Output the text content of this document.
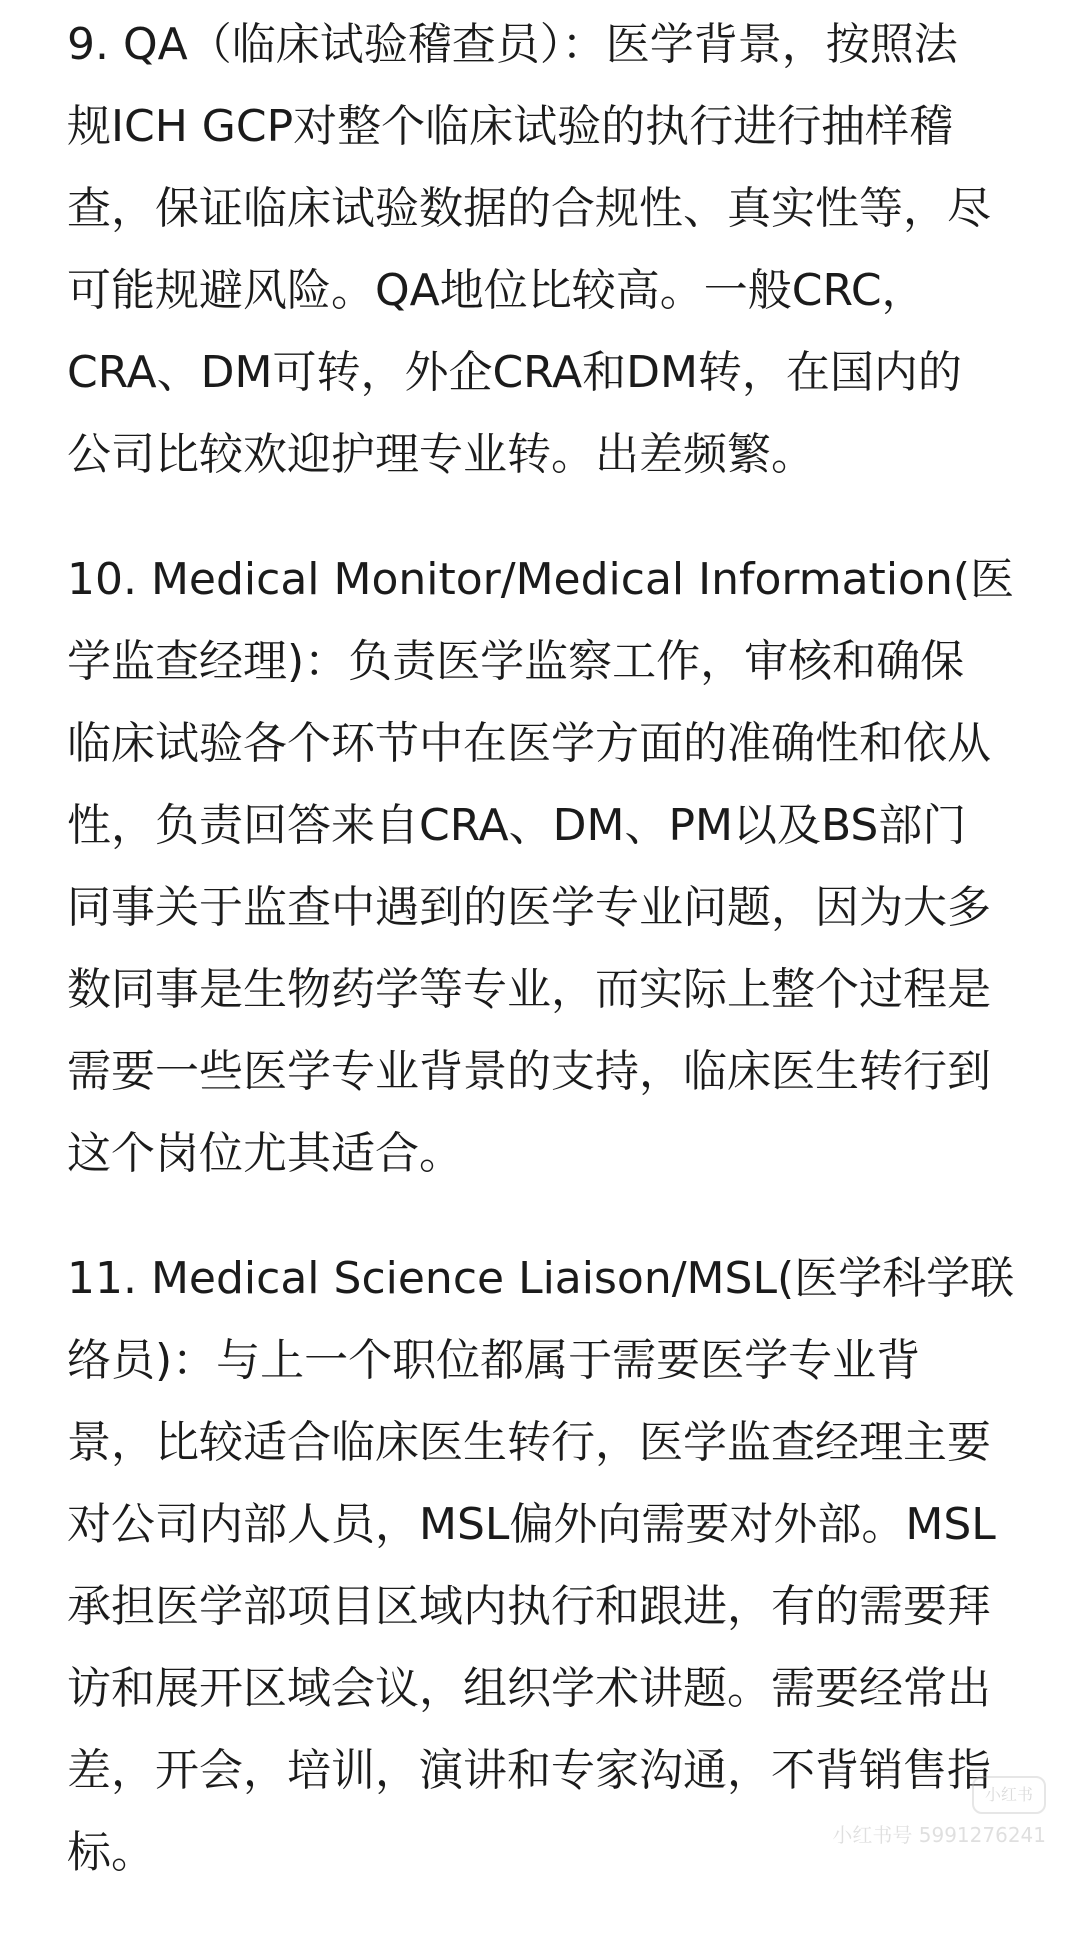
9. QA（临床试验稽查员）：医学背景，按照法
规ICH GCP对整个临床试验的执行进行抽样稽
查，保证临床试验数据的合规性、真实性等，尽
可能规避风险。QA地位比较高。一般CRC，
CRA、DM可转，外企CRA和DM转，在国内的
公司比较欢迎护理专业转。出差频繁。

10. Medical Monitor/Medical Information(医
学监查经理)：负责医学监察工作，审核和确保
临床试验各个环节中在医学方面的准确性和依从
性，负责回答来自CRA、DM、PM以及BS部门
同事关于监查中遇到的医学专业问题，因为大多
数同事是生物药学等专业，而实际上整个过程是
需要一些医学专业背景的支持，临床医生转行到
这个岗位尤其适合。

11. Medical Science Liaison/MSL(医学科学联
络员)：与上一个职位都属于需要医学专业背
景，比较适合临床医生转行，医学监查经理主要
对公司内部人员，MSL偏外向需要对外部。MSL
承担医学部项目区域内执行和跟进，有的需要拜
访和展开区域会议，组织学术讲题。需要经常出
差，开会，培训，演讲和专家沟通，不背销售指
标。

小红书
小红书号 5991276241
